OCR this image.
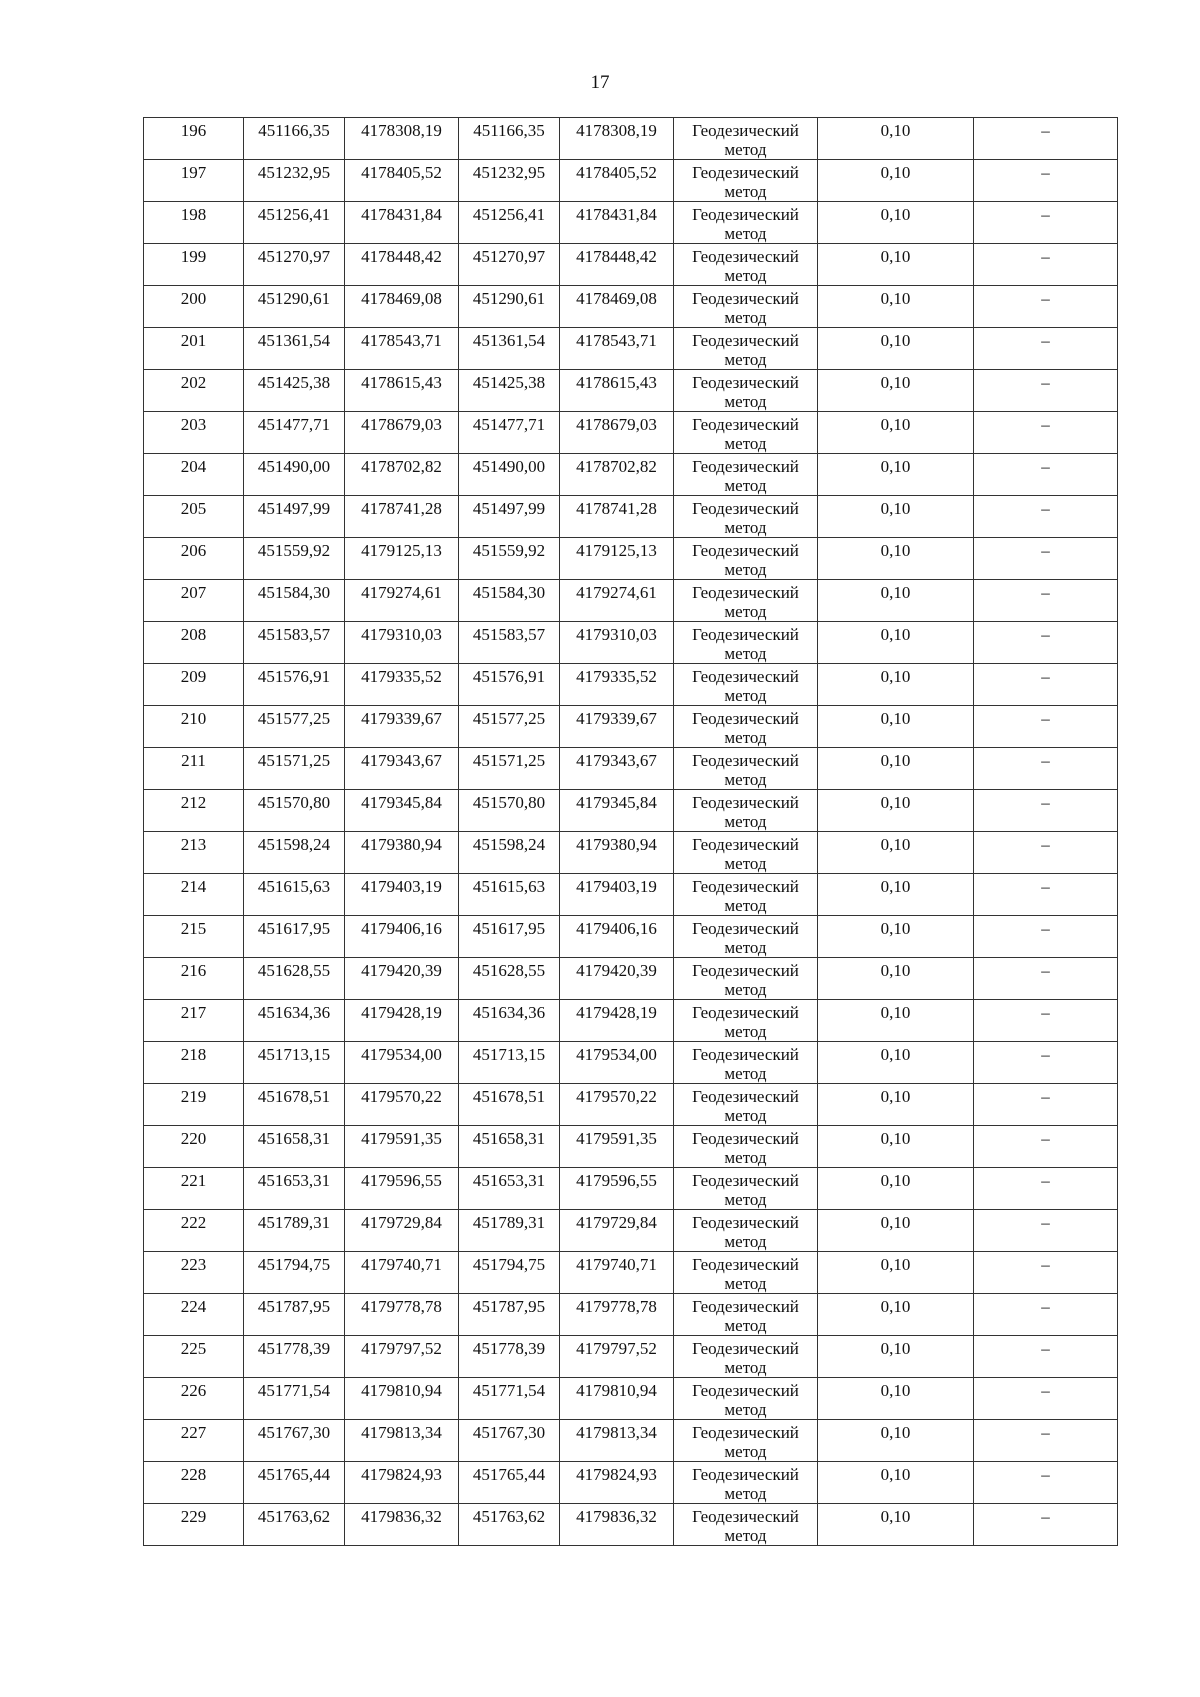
17
196	451166,35	4178308,19	451166,35	4178308,19	Геодезический
метод	0,10	–

197	451232,95	4178405,52	451232,95	4178405,52	Геодезический
метод	0,10	–

198	451256,41	4178431,84	451256,41	4178431,84	Геодезический
метод	0,10	–

199	451270,97	4178448,42	451270,97	4178448,42	Геодезический
метод	0,10	–

200	451290,61	4178469,08	451290,61	4178469,08	Геодезический
метод	0,10	–

201	451361,54	4178543,71	451361,54	4178543,71	Геодезический
метод	0,10	–

202	451425,38	4178615,43	451425,38	4178615,43	Геодезический
метод	0,10	–

203	451477,71	4178679,03	451477,71	4178679,03	Геодезический
метод	0,10	–

204	451490,00	4178702,82	451490,00	4178702,82	Геодезический
метод	0,10	–

205	451497,99	4178741,28	451497,99	4178741,28	Геодезический
метод	0,10	–

206	451559,92	4179125,13	451559,92	4179125,13	Геодезический
метод	0,10	–

207	451584,30	4179274,61	451584,30	4179274,61	Геодезический
метод	0,10	–

208	451583,57	4179310,03	451583,57	4179310,03	Геодезический
метод	0,10	–

209	451576,91	4179335,52	451576,91	4179335,52	Геодезический
метод	0,10	–

210	451577,25	4179339,67	451577,25	4179339,67	Геодезический
метод	0,10	–

211	451571,25	4179343,67	451571,25	4179343,67	Геодезический
метод	0,10	–

212	451570,80	4179345,84	451570,80	4179345,84	Геодезический
метод	0,10	–

213	451598,24	4179380,94	451598,24	4179380,94	Геодезический
метод	0,10	–

214	451615,63	4179403,19	451615,63	4179403,19	Геодезический
метод	0,10	–

215	451617,95	4179406,16	451617,95	4179406,16	Геодезический
метод	0,10	–

216	451628,55	4179420,39	451628,55	4179420,39	Геодезический
метод	0,10	–

217	451634,36	4179428,19	451634,36	4179428,19	Геодезический
метод	0,10	–

218	451713,15	4179534,00	451713,15	4179534,00	Геодезический
метод	0,10	–

219	451678,51	4179570,22	451678,51	4179570,22	Геодезический
метод	0,10	–

220	451658,31	4179591,35	451658,31	4179591,35	Геодезический
метод	0,10	–

221	451653,31	4179596,55	451653,31	4179596,55	Геодезический
метод	0,10	–

222	451789,31	4179729,84	451789,31	4179729,84	Геодезический
метод	0,10	–

223	451794,75	4179740,71	451794,75	4179740,71	Геодезический
метод	0,10	–

224	451787,95	4179778,78	451787,95	4179778,78	Геодезический
метод	0,10	–

225	451778,39	4179797,52	451778,39	4179797,52	Геодезический
метод	0,10	–

226	451771,54	4179810,94	451771,54	4179810,94	Геодезический
метод	0,10	–

227	451767,30	4179813,34	451767,30	4179813,34	Геодезический
метод	0,10	–

228	451765,44	4179824,93	451765,44	4179824,93	Геодезический
метод	0,10	–

229	451763,62	4179836,32	451763,62	4179836,32	Геодезический
метод	0,10	–
